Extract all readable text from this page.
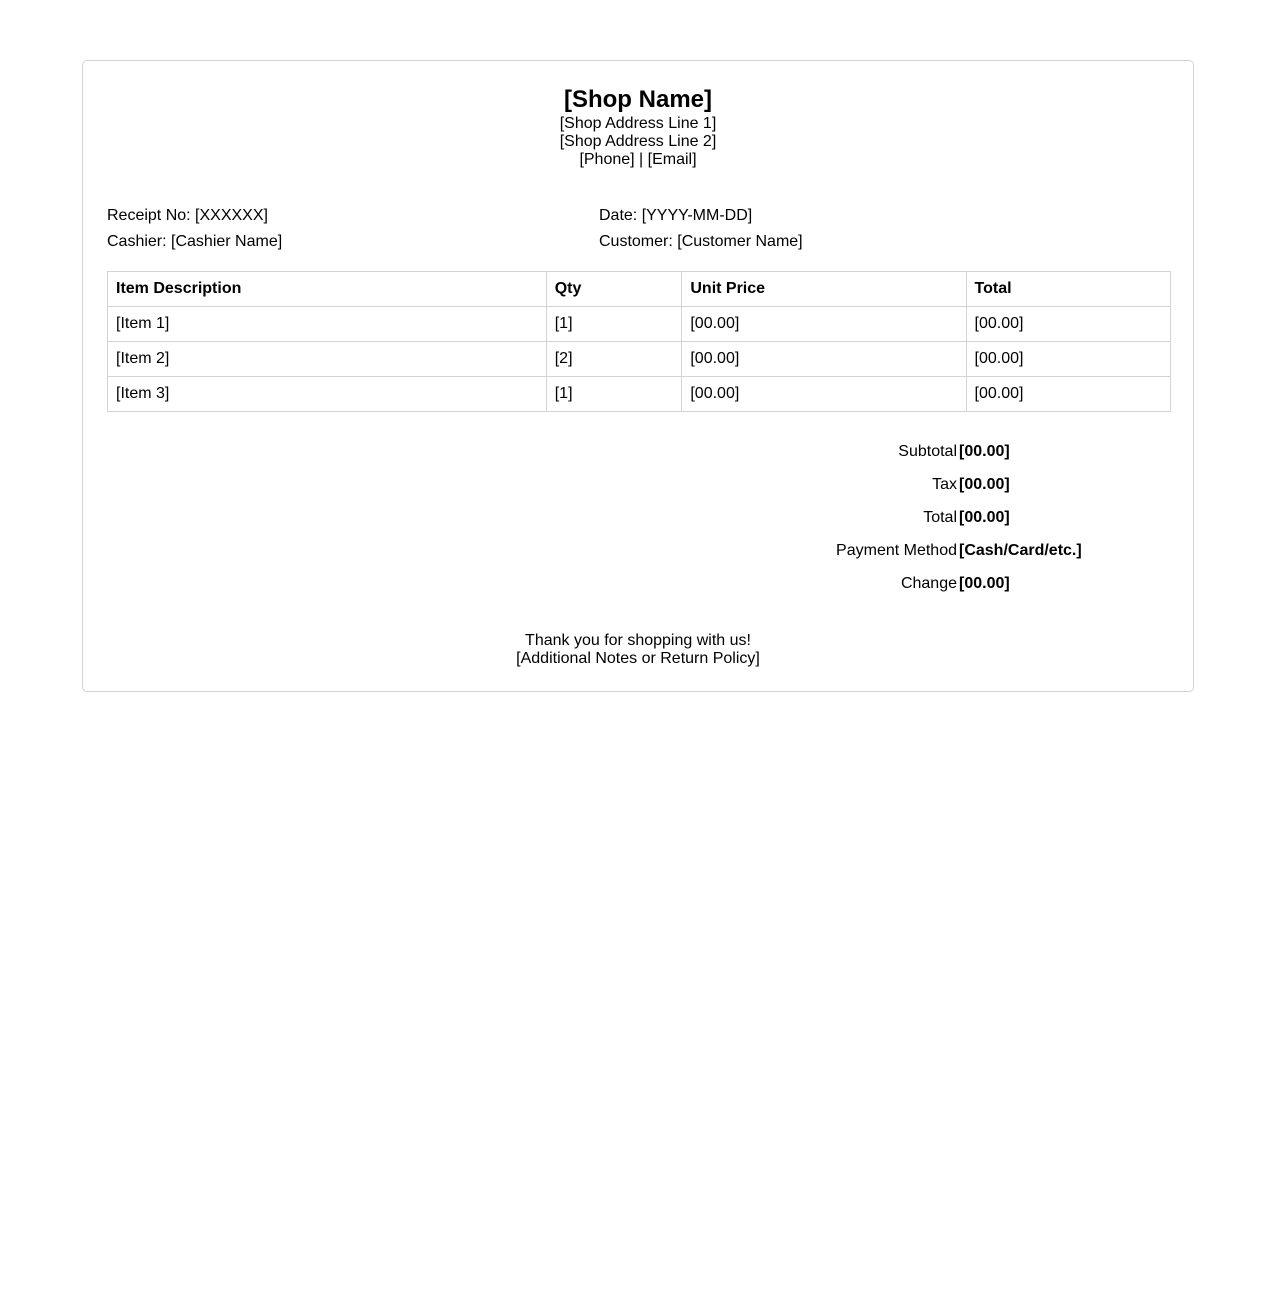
[Shop Name]
[Shop Address Line 1]
[Shop Address Line 2]
[Phone] | [Email]
Receipt No: [XXXXXX]	Date: [YYYY-MM-DD]
Cashier: [Cashier Name]	Customer: [Customer Name]
Item Description	Qty	Unit Price	Total
[Item 1]	[1]	[00.00]	[00.00]
[Item 2]	[2]	[00.00]	[00.00]
[Item 3]	[1]	[00.00]	[00.00]
Subtotal [00.00]
Tax [00.00]
Total [00.00]
Payment Method [Cash/Card/etc.]
Change [00.00]
Thank you for shopping with us!
[Additional Notes or Return Policy]
